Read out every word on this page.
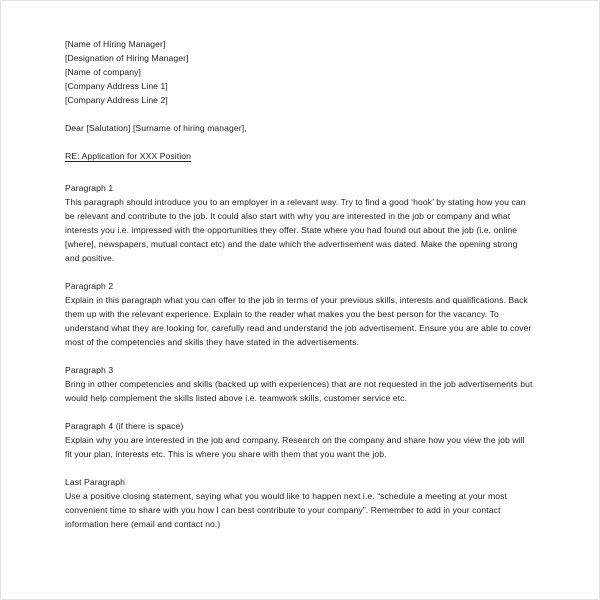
[Name of Hiring Manager]
[Designation of Hiring Manager]
[Name of company]
[Company Address Line 1]
[Company Address Line 2]
Dear [Salutation] [Surname of hiring manager],
RE: Application for XXX Position
Paragraph 1
This paragraph should introduce you to an employer in a relevant way. Try to find a good ‘hook’ by stating how you can be relevant and contribute to the job. It could also start with why you are interested in the job or company and what interests you i.e. impressed with the opportunities they offer. State where you had found out about the job (i.e. online [where], newspapers, mutual contact etc) and the date which the advertisement was dated. Make the opening strong and positive.
Paragraph 2
Explain in this paragraph what you can offer to the job in terms of your previous skills, interests and qualifications. Back them up with the relevant experience. Explain to the reader what makes you the best person for the vacancy. To understand what they are looking for, carefully read and understand the job advertisement. Ensure you are able to cover most of the competencies and skills they have stated in the advertisements.
Paragraph 3
Bring in other competencies and skills (backed up with experiences) that are not requested in the job advertisements but would help complement the skills listed above i.e. teamwork skills, customer service etc.
Paragraph 4 (if there is space)
Explain why you are interested in the job and company. Research on the company and share how you view the job will fit your plan, interests etc. This is where you share with them that you want the job.
Last Paragraph
Use a positive closing statement, saying what you would like to happen next i.e. “schedule a meeting at your most convenient time to share with you how I can best contribute to your company”. Remember to add in your contact information here (email and contact no.)
